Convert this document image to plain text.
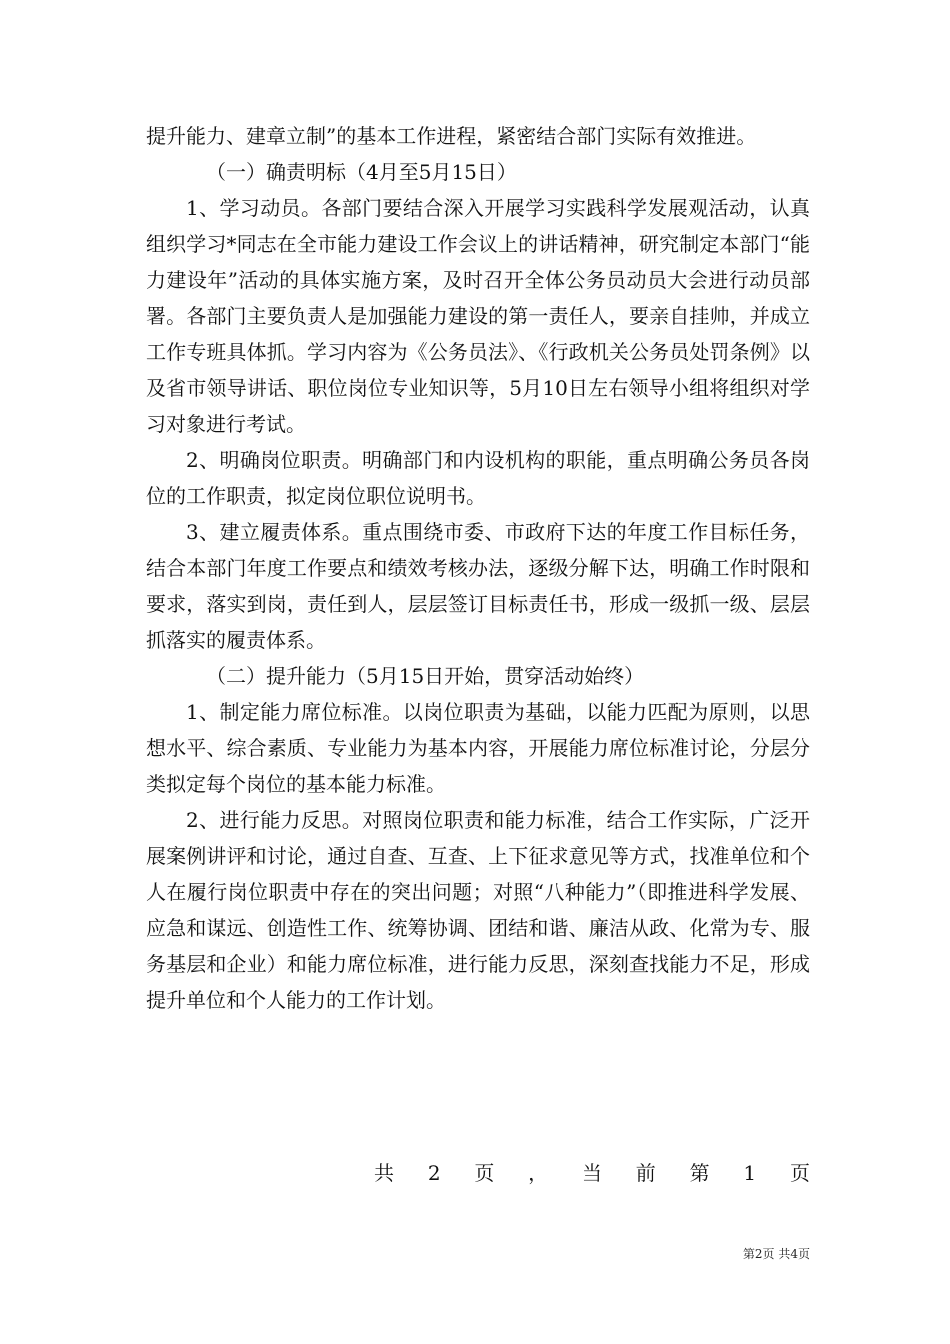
提升能力、建章立制”的基本工作进程，紧密结合部门实际有效推进。

（一）确责明标（4月至5月15日）

1、学习动员。各部门要结合深入开展学习实践科学发展观活动，认真组织学习*同志在全市能力建设工作会议上的讲话精神，研究制定本部门“能力建设年”活动的具体实施方案，及时召开全体公务员动员大会进行动员部署。各部门主要负责人是加强能力建设的第一责任人，要亲自挂帅，并成立工作专班具体抓。学习内容为《公务员法》、《行政机关公务员处罚条例》以及省市领导讲话、职位岗位专业知识等，5月10日左右领导小组将组织对学习对象进行考试。

2、明确岗位职责。明确部门和内设机构的职能，重点明确公务员各岗位的工作职责，拟定岗位职位说明书。

3、建立履责体系。重点围绕市委、市政府下达的年度工作目标任务，结合本部门年度工作要点和绩效考核办法，逐级分解下达，明确工作时限和要求，落实到岗，责任到人，层层签订目标责任书，形成一级抓一级、层层抓落实的履责体系。

（二）提升能力（5月15日开始，贯穿活动始终）

1、制定能力席位标准。以岗位职责为基础，以能力匹配为原则，以思想水平、综合素质、专业能力为基本内容，开展能力席位标准讨论，分层分类拟定每个岗位的基本能力标准。

2、进行能力反思。对照岗位职责和能力标准，结合工作实际，广泛开展案例讲评和讨论，通过自查、互查、上下征求意见等方式，找准单位和个人在履行岗位职责中存在的突出问题；对照“八种能力”（即推进科学发展、应急和谋远、创造性工作、统筹协调、团结和谐、廉洁从政、化常为专、服务基层和企业）和能力席位标准，进行能力反思，深刻查找能力不足，形成提升单位和个人能力的工作计划。

共 2 页 ， 当 前 第 1 页
第2页 共4页
